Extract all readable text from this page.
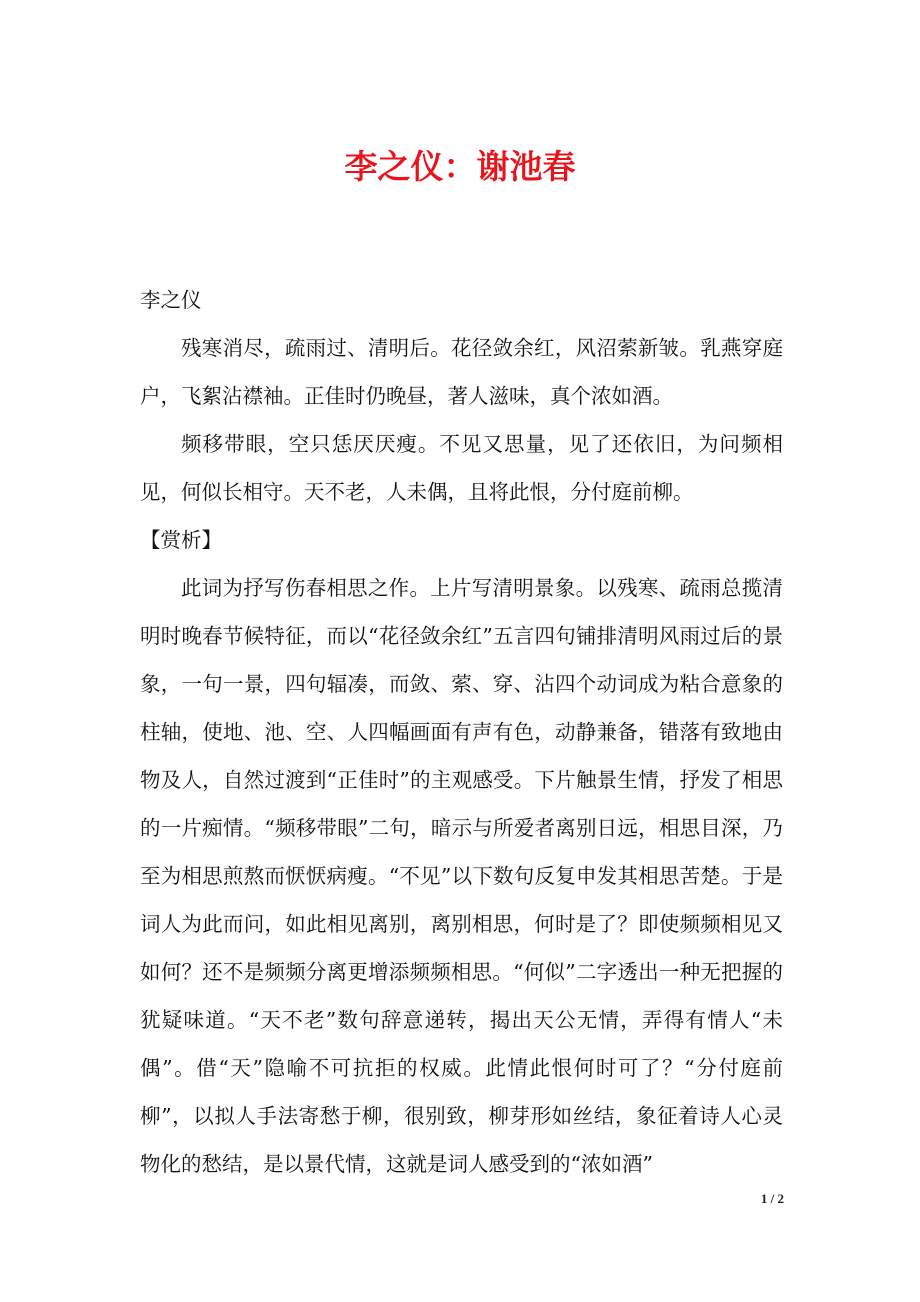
李之仪：谢池春

李之仪

残寒消尽，疏雨过、清明后。花径敛余红，风沼萦新皱。乳燕穿庭户，飞絮沾襟袖。正佳时仍晚昼，著人滋味，真个浓如酒。

频移带眼，空只恁厌厌瘦。不见又思量，见了还依旧，为问频相见，何似长相守。天不老，人未偶，且将此恨，分付庭前柳。

【赏析】

此词为抒写伤春相思之作。上片写清明景象。以残寒、疏雨总揽清明时晚春节候特征，而以“花径敛余红”五言四句铺排清明风雨过后的景象，一句一景，四句辐凑，而敛、萦、穿、沾四个动词成为粘合意象的柱轴，使地、池、空、人四幅画面有声有色，动静兼备，错落有致地由物及人，自然过渡到“正佳时”的主观感受。下片触景生情，抒发了相思的一片痴情。“频移带眼”二句，暗示与所爱者离别日远，相思目深，乃至为相思煎熬而恹恹病瘦。“不见”以下数句反复申发其相思苦楚。于是词人为此而问，如此相见离别，离别相思，何时是了？即使频频相见又如何？还不是频频分离更增添频频相思。“何似”二字透出一种无把握的犹疑味道。“天不老”数句辞意递转，揭出天公无情，弄得有情人“未偶”。借“天”隐喻不可抗拒的权威。此情此恨何时可了？“分付庭前柳”，以拟人手法寄愁于柳，很别致，柳芽形如丝结，象征着诗人心灵物化的愁结，是以景代情，这就是词人感受到的“浓如酒”

1 / 2
